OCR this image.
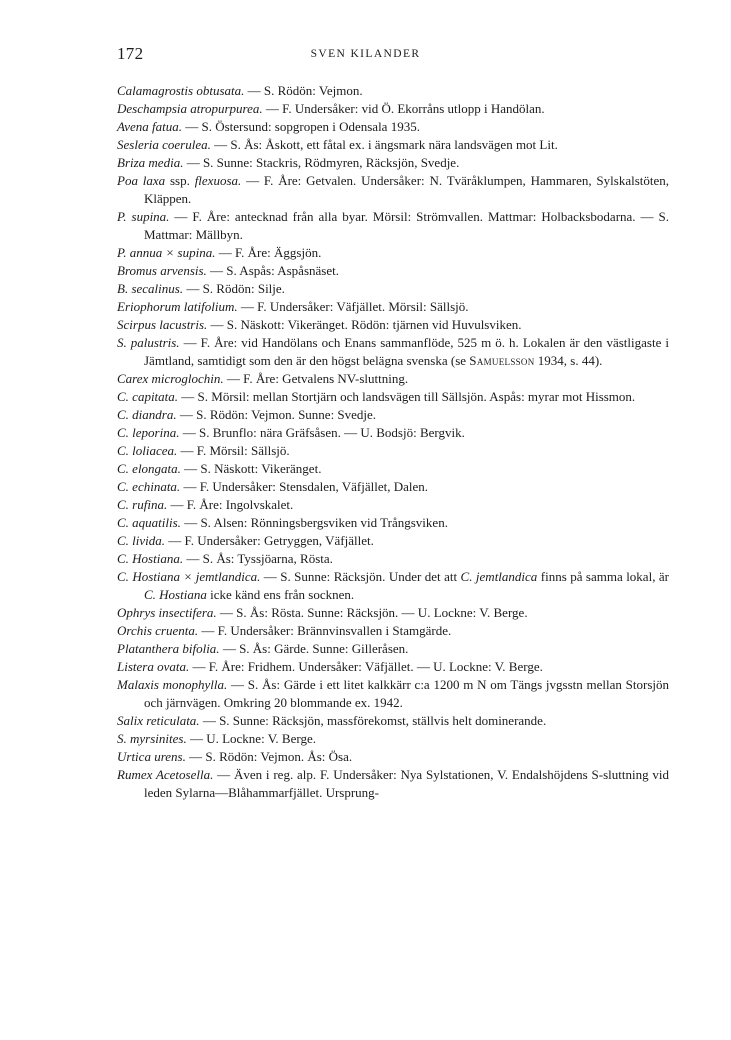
172	SVEN KILANDER

Calamagrostis obtusata. — S. Rödön: Vejmon.

Deschampsia atropurpurea. — F. Undersåker: vid Ö. Ekorråns utlopp i Handölan.

Avena fatua. — S. Östersund: sopgropen i Odensala 1935.

Sesleria coerulea. — S. Ås: Åskott, ett fåtal ex. i ängsmark nära landsvägen mot Lit.

Briza media. — S. Sunne: Stackris, Rödmyren, Räcksjön, Svedje.

Poa laxa ssp. flexuosa. — F. Åre: Getvalen. Undersåker: N. Tväråklumpen, Hammaren, Sylskalstöten, Kläppen.

P. supina. — F. Åre: antecknad från alla byar. Mörsil: Strömvallen. Mattmar: Holbacksbodarna. — S. Mattmar: Mällbyn.

P. annua × supina. — F. Åre: Äggsjön.

Bromus arvensis. — S. Aspås: Aspåsnäset.

B. secalinus. — S. Rödön: Silje.

Eriophorum latifolium. — F. Undersåker: Väfjället. Mörsil: Sällsjö.

Scirpus lacustris. — S. Näskott: Vikeränget. Rödön: tjärnen vid Huvulsviken.

S. palustris. — F. Åre: vid Handölans och Enans sammanflöde, 525 m ö. h. Lokalen är den västligaste i Jämtland, samtidigt som den är den högst belägna svenska (se Samuelsson 1934, s. 44).

Carex microglochin. — F. Åre: Getvalens NV-sluttning.

C. capitata. — S. Mörsil: mellan Stortjärn och landsvägen till Sällsjön. Aspås: myrar mot Hissmon.

C. diandra. — S. Rödön: Vejmon. Sunne: Svedje.

C. leporina. — S. Brunflo: nära Gräfsåsen. — U. Bodsjö: Bergvik.

C. loliacea. — F. Mörsil: Sällsjö.

C. elongata. — S. Näskott: Vikeränget.

C. echinata. — F. Undersåker: Stensdalen, Väfjället, Dalen.

C. rufina. — F. Åre: Ingolvskalet.

C. aquatilis. — S. Alsen: Rönningsbergsviken vid Trångsviken.

C. livida. — F. Undersåker: Getryggen, Väfjället.

C. Hostiana. — S. Ås: Tyssjöarna, Rösta.

C. Hostiana × jemtlandica. — S. Sunne: Räcksjön. Under det att C. jemtlandica finns på samma lokal, är C. Hostiana icke känd ens från socknen.

Ophrys insectifera. — S. Ås: Rösta. Sunne: Räcksjön. — U. Lockne: V. Berge.

Orchis cruenta. — F. Undersåker: Brännvinsvallen i Stamgärde.

Platanthera bifolia. — S. Ås: Gärde. Sunne: Gilleråsen.

Listera ovata. — F. Åre: Fridhem. Undersåker: Väfjället. — U. Lockne: V. Berge.

Malaxis monophylla. — S. Ås: Gärde i ett litet kalkkärr c:a 1200 m N om Tängs jvgsstn mellan Storsjön och järnvägen. Omkring 20 blommande ex. 1942.

Salix reticulata. — S. Sunne: Räcksjön, massförekomst, ställvis helt dominerande.

S. myrsinites. — U. Lockne: V. Berge.

Urtica urens. — S. Rödön: Vejmon. Ås: Ösa.

Rumex Acetosella. — Även i reg. alp. F. Undersåker: Nya Sylstationen, V. Endalshöjdens S-sluttning vid leden Sylarna—Blåhammarfjället. Ursprung-
